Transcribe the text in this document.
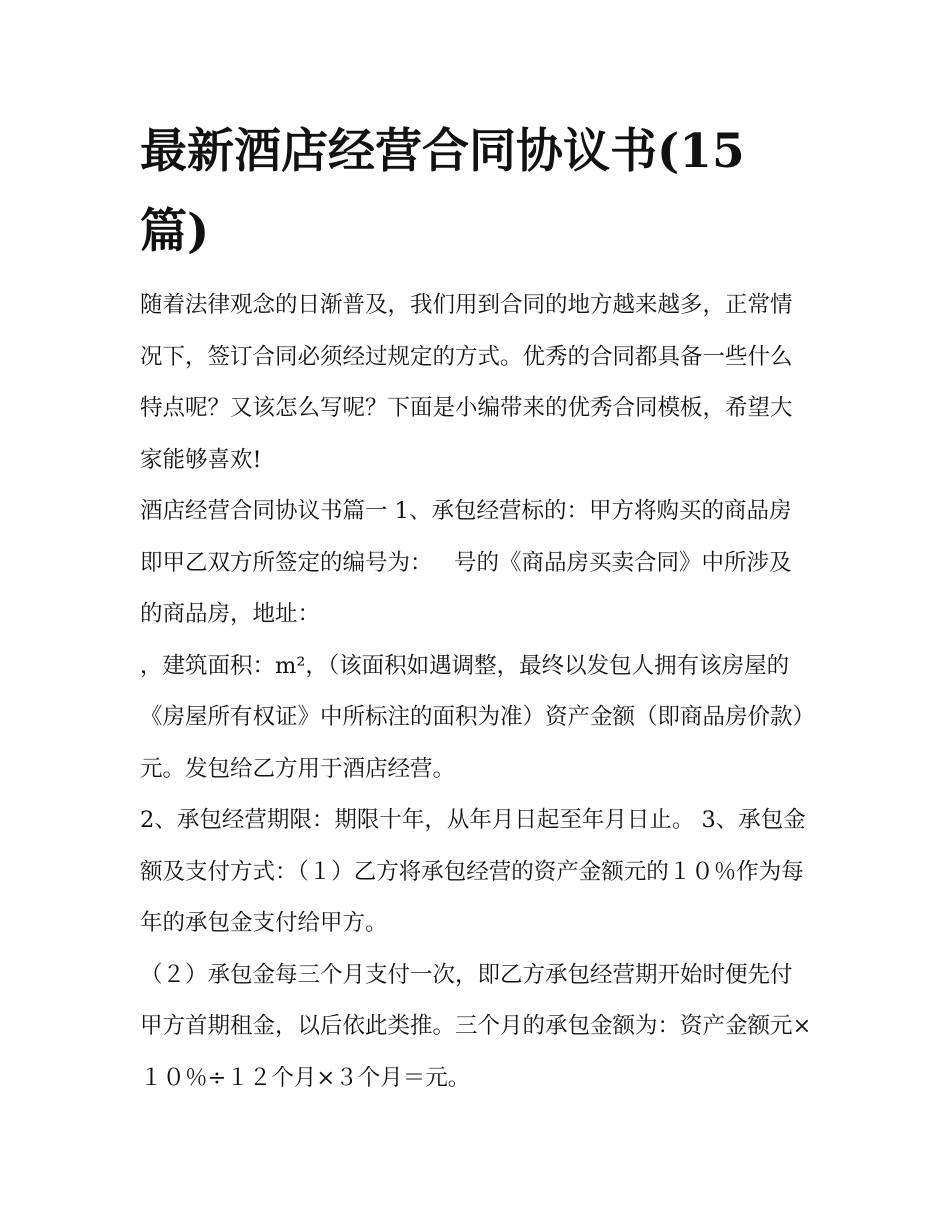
最新酒店经营合同协议书(15篇)

随着法律观念的日渐普及，我们用到合同的地方越来越多，正常情况下，签订合同必须经过规定的方式。优秀的合同都具备一些什么特点呢？又该怎么写呢？下面是小编带来的优秀合同模板，希望大家能够喜欢!

酒店经营合同协议书篇一 1、承包经营标的：甲方将购买的商品房即甲乙双方所签定的编号为：   号的《商品房买卖合同》中所涉及的商品房，地址：

，建筑面积：m²，（该面积如遇调整，最终以发包人拥有该房屋的《房屋所有权证》中所标注的面积为准）资产金额（即商品房价款）元。发包给乙方用于酒店经营。

2、承包经营期限：期限十年，从年月日起至年月日止。 3、承包金额及支付方式：（１）乙方将承包经营的资产金额元的１０％作为每年的承包金支付给甲方。

（２）承包金每三个月支付一次，即乙方承包经营期开始时便先付甲方首期租金，以后依此类推。三个月的承包金额为：资产金额元×１０％÷１２个月×３个月＝元。
